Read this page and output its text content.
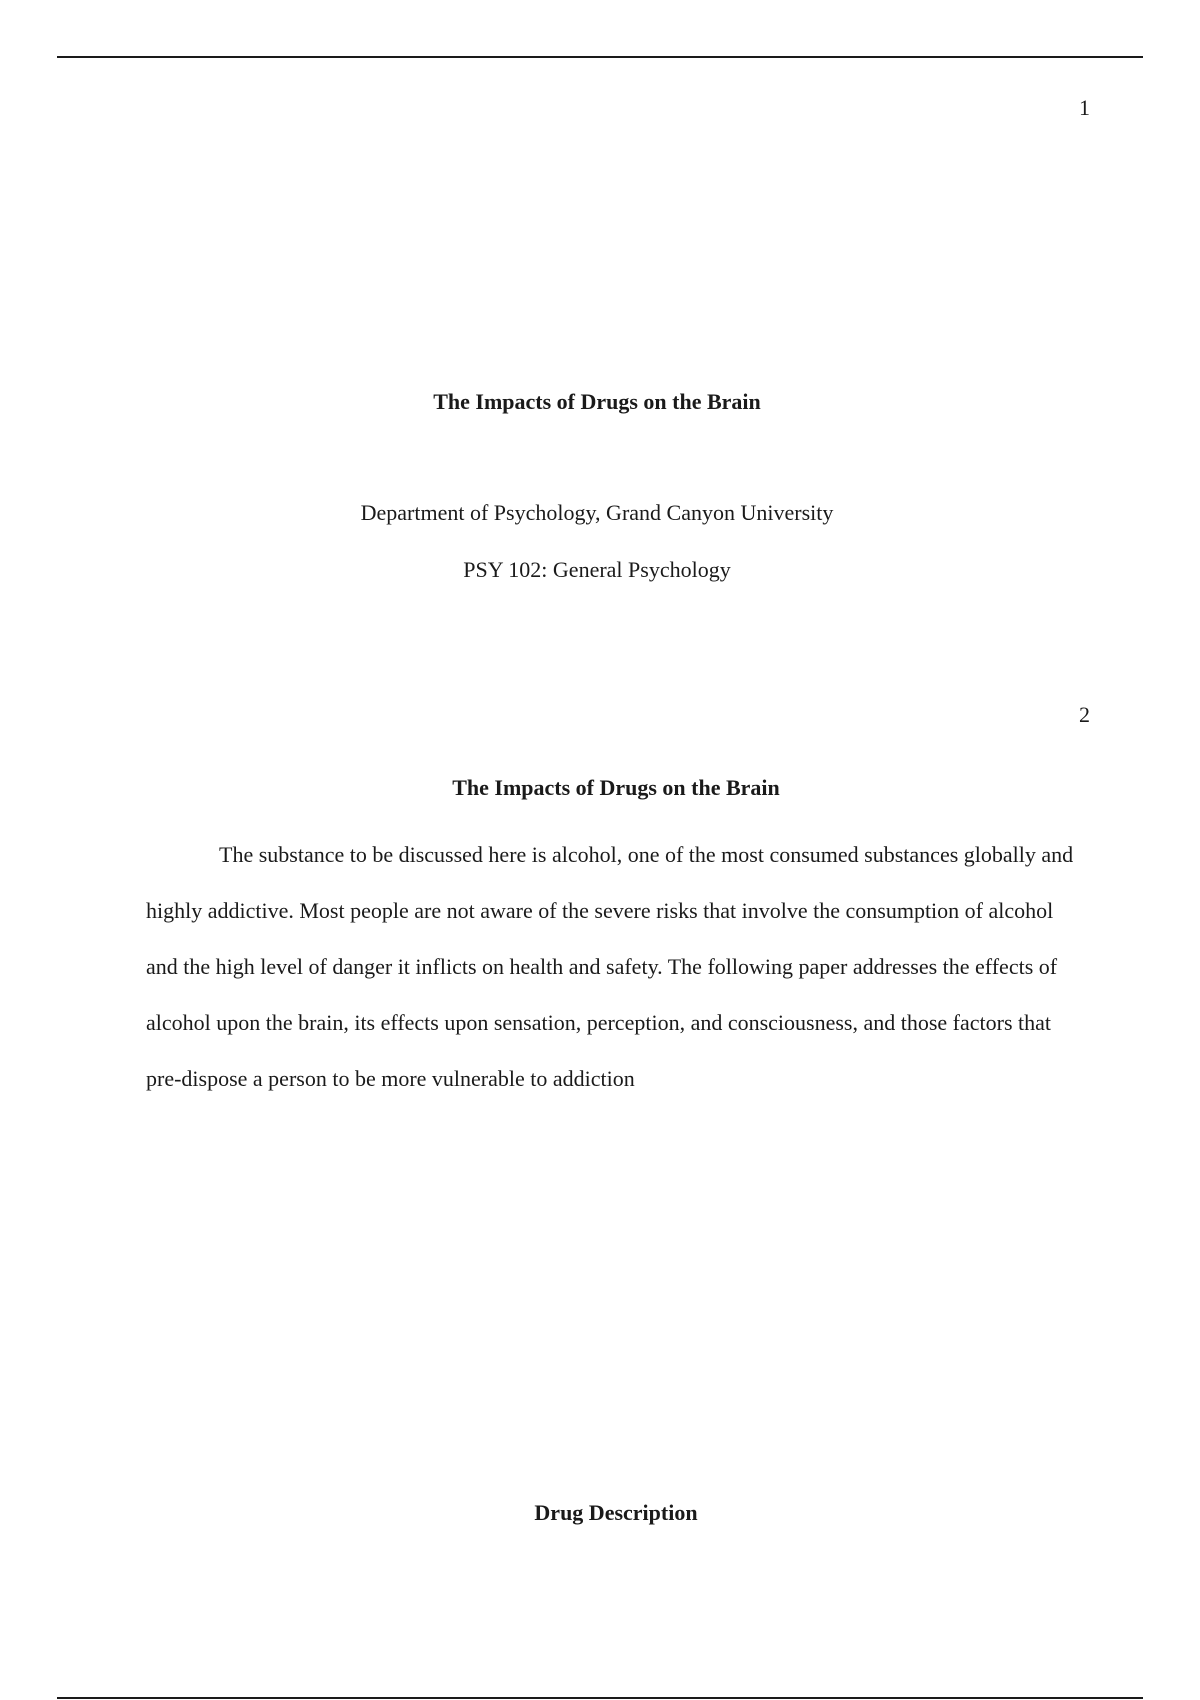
1
The Impacts of Drugs on the Brain
Department of Psychology, Grand Canyon University
PSY 102: General Psychology
2
The Impacts of Drugs on the Brain

The substance to be discussed here is alcohol, one of the most consumed substances globally and highly addictive. Most people are not aware of the severe risks that involve the consumption of alcohol and the high level of danger it inflicts on health and safety. The following paper addresses the effects of alcohol upon the brain, its effects upon sensation, perception, and consciousness, and those factors that pre-dispose a person to be more vulnerable to addiction

Drug Description
